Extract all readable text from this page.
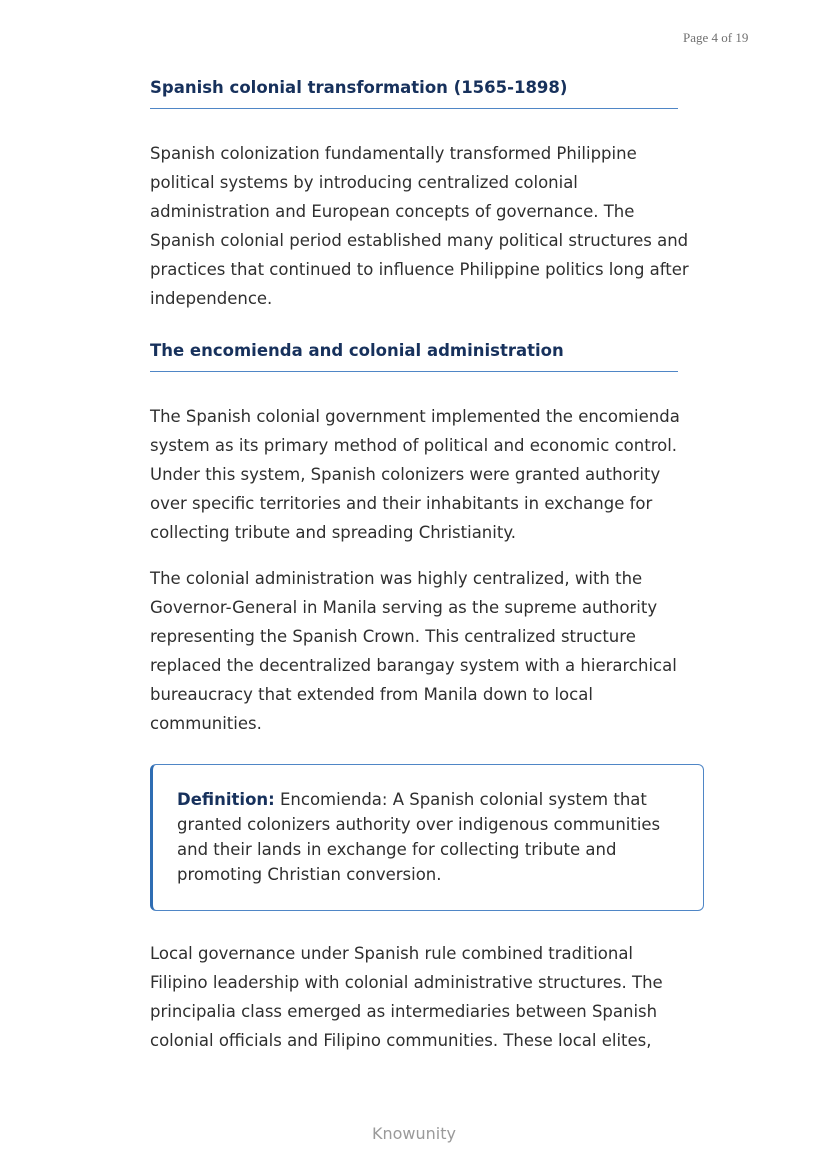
Page 4 of 19
Spanish colonial transformation (1565-1898)

Spanish colonization fundamentally transformed Philippine political systems by introducing centralized colonial administration and European concepts of governance. The Spanish colonial period established many political structures and practices that continued to influence Philippine politics long after independence.

The encomienda and colonial administration

The Spanish colonial government implemented the encomienda system as its primary method of political and economic control. Under this system, Spanish colonizers were granted authority over specific territories and their inhabitants in exchange for collecting tribute and spreading Christianity.

The colonial administration was highly centralized, with the Governor-General in Manila serving as the supreme authority representing the Spanish Crown. This centralized structure replaced the decentralized barangay system with a hierarchical bureaucracy that extended from Manila down to local communities.

Definition: Encomienda: A Spanish colonial system that granted colonizers authority over indigenous communities and their lands in exchange for collecting tribute and promoting Christian conversion.

Local governance under Spanish rule combined traditional Filipino leadership with colonial administrative structures. The principalia class emerged as intermediaries between Spanish colonial officials and Filipino communities. These local elites,

Knowunity
